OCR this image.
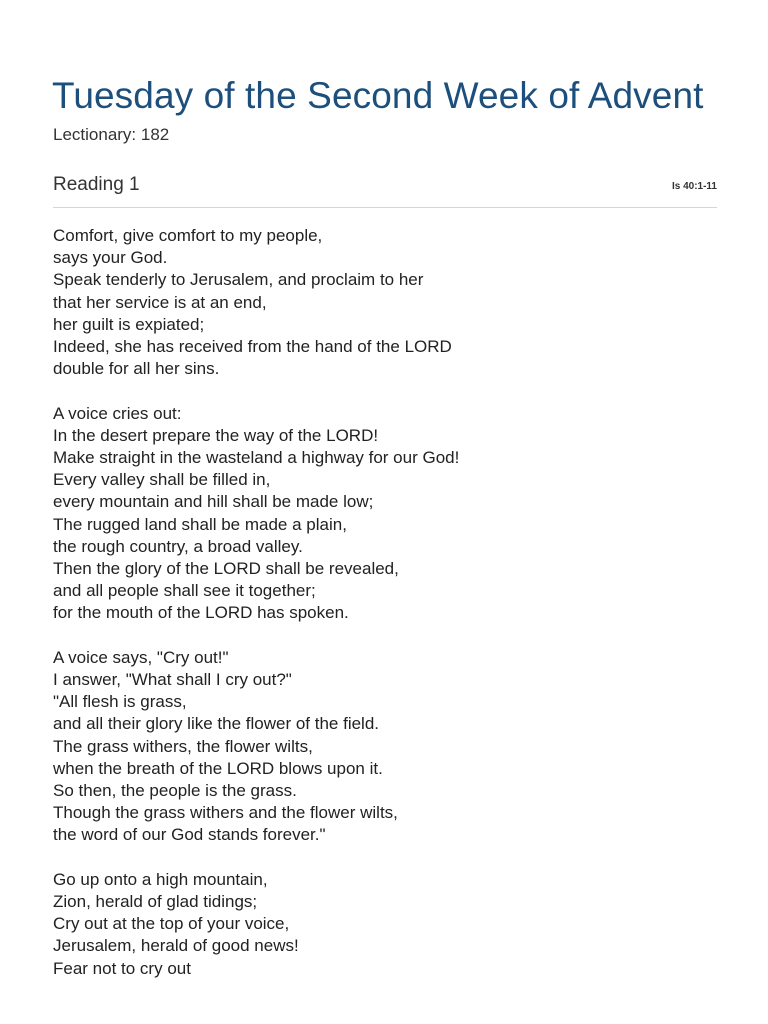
Tuesday of the Second Week of Advent
Lectionary: 182
Reading 1	Is 40:1-11
Comfort, give comfort to my people,
says your God.
Speak tenderly to Jerusalem, and proclaim to her
that her service is at an end,
her guilt is expiated;
Indeed, she has received from the hand of the LORD
double for all her sins.
A voice cries out:
In the desert prepare the way of the LORD!
Make straight in the wasteland a highway for our God!
Every valley shall be filled in,
every mountain and hill shall be made low;
The rugged land shall be made a plain,
the rough country, a broad valley.
Then the glory of the LORD shall be revealed,
and all people shall see it together;
for the mouth of the LORD has spoken.
A voice says, "Cry out!"
I answer, "What shall I cry out?"
"All flesh is grass,
and all their glory like the flower of the field.
The grass withers, the flower wilts,
when the breath of the LORD blows upon it.
So then, the people is the grass.
Though the grass withers and the flower wilts,
the word of our God stands forever."
Go up onto a high mountain,
Zion, herald of glad tidings;
Cry out at the top of your voice,
Jerusalem, herald of good news!
Fear not to cry out
